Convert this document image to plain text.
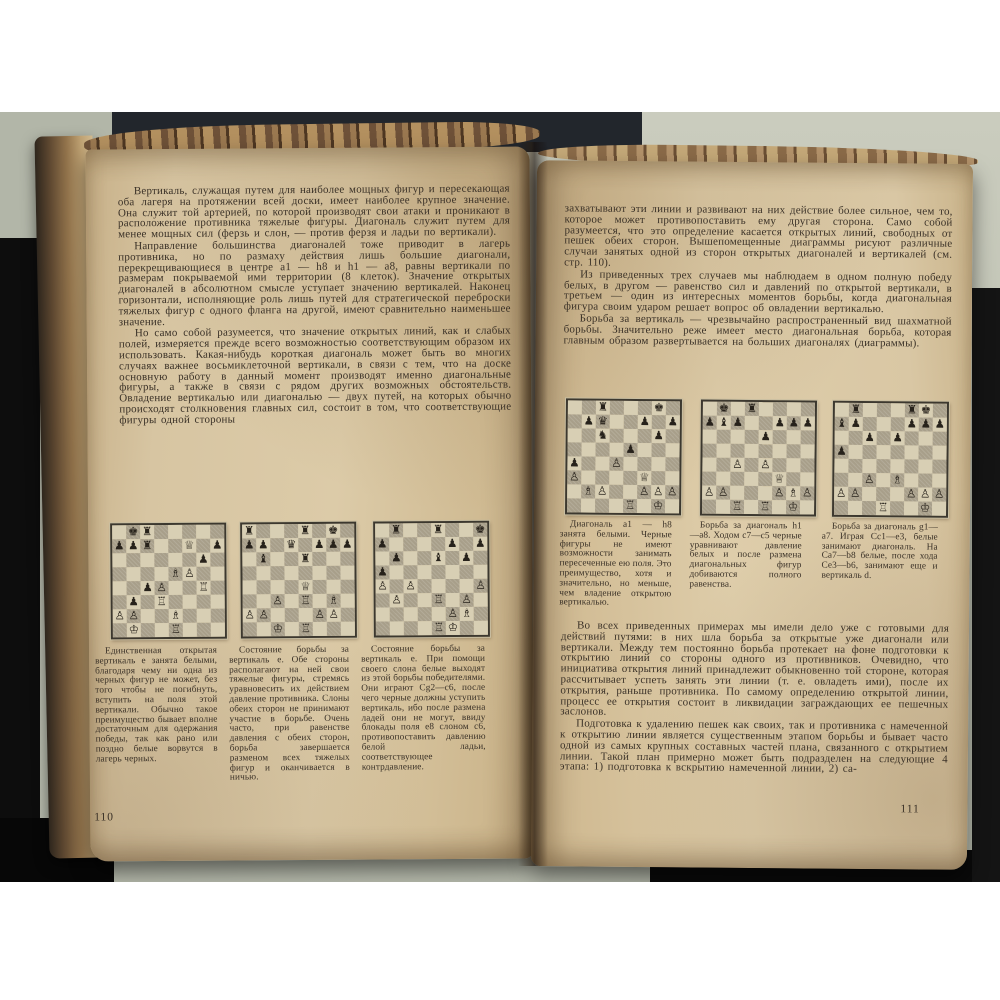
Вертикаль, служащая путем для наиболее мощных фигур и пересекающая оба лагеря на протяжении всей доски, имеет наиболее крупное значение. Она служит той артерией, по которой производят свои атаки и проникают в расположение противника тяжелые фигуры. Диагональ служит путем для менее мощных сил (ферзь и слон, — против ферзя и ладьи по вертикали).

Направление большинства диагоналей тоже приводит в лагерь противника, но по размаху действия лишь большие диагонали, перекрещивающиеся в центре a1 — h8 и h1 — a8, равны вертикали по размерам покрываемой ими территории (8 клеток). Значение открытых диагоналей в абсолютном смысле уступает значению вертикалей. Наконец горизонтали, исполняющие роль лишь путей для стратегической переброски тяжелых фигур с одного фланга на другой, имеют сравнительно наименьшее значение.

Но само собой разумеется, что значение открытых линий, как и слабых полей, измеряется прежде всего возможностью соответствующим образом их использовать. Какая-нибудь короткая диагональ может быть во многих случаях важнее восьмиклеточной вертикали, в связи с тем, что на доске основную работу в данный момент производят именно диагональные фигуры, а также в связи с рядом других возможных обстоятельств. Овладение вертикалью или диагональю — двух путей, на которых обычно происходят столкновения главных сил, состоит в том, что соответствующие фигуры одной стороны

♚ ♜
♟ ♟ ♜	♕ ♟
♟
♗ ♙
♟ ♙	♖
♟ ♖
♙ ♙	♗
♔	♖
♜	♜ ♚
♟ ♟ ♛ ♟ ♟ ♟
♝	♜
♕
♙ ♖ ♗
♙ ♙	♙ ♙
♔ ♖
♜	♜	♚
♟	♟ ♟
♟	♝ ♟
♟
♙ ♙	♙
♙	♖ ♙
♙ ♗
♖ ♔

Единственная открытая вертикаль e занята белыми, благодаря чему ни одна из черных фигур не может, без того чтобы не погибнуть, вступить на поля этой вертикали. Обычно такое преимущество бывает вполне достаточным для одержания победы, так как рано или поздно белые ворвутся в лагерь черных.

Состояние борьбы за вертикаль e. Обе стороны располагают на ней свои тяжелые фигуры, стремясь уравновесить их действием давление противника. Слоны обеих сторон не принимают участие в борьбе. Очень часто, при равенстве давления с обеих сторон, борьба завершается разменом всех тяжелых фигур и оканчивается в ничью.

Состояние борьбы за вертикаль e. При помощи своего слона белые выходят из этой борьбы победителями. Они играют Cg2—c6, после чего черные должны уступить вертикаль, ибо после размена ладей они не могут, ввиду блокады поля e8 слоном c6, противопоставить давлению белой ладьи, соответствующее контрдавление.

110

захватывают эти линии и развивают на них действие более сильное, чем то, которое может противопоставить ему другая сторона. Само собой разумеется, что это определение касается открытых линий, свободных от пешек обеих сторон. Вышепомещенные диаграммы рисуют различные случаи занятых одной из сторон открытых диагоналей и вертикалей (см. стр. 110).

Из приведенных трех случаев мы наблюдаем в одном полную победу белых, в другом — равенство сил и давлений по открытой вертикали, в третьем — один из интересных моментов борьбы, когда диагональная фигура своим ударом решает вопрос об овладении вертикалью.

Борьба за вертикаль — чрезвычайно распространенный вид шахматной борьбы. Значительно реже имеет место диагональная борьба, которая главным образом развертывается на больших диагоналях (диаграммы).

♜	♚
♟ ♛	♟ ♟
♞	♟
♟
♟	♙
♙	♕
♗ ♙	♙ ♙ ♙
♖ ♔
♚ ♜
♟ ♝ ♟	♟ ♟ ♟
♟
♙ ♙
♕
♙ ♙	♙ ♗ ♙
♖ ♖ ♔
♜	♜ ♚
♝ ♟	♟ ♟ ♟
♟ ♟
♟
♙ ♗
♙ ♙	♙ ♙ ♙
♖	♔

Диагональ a1 — h8 занята белыми. Черные фигуры не имеют возможности занимать пересеченные ею поля. Это преимущество, хотя и значительно, но меньше, чем владение открытою вертикалью.

Борьба за диагональ h1—a8. Ходом c7—c5 черные уравнивают давление белых и после размена диагональных фигур добиваются полного равенства.

Борьба за диагональ g1—a7. Играя Cc1—e3, белые занимают диагональ. На Ca7—b8 белые, после хода Ce3—b6, занимают еще и вертикаль d.

Во всех приведенных примерах мы имели дело уже с готовыми для действий путями: в них шла борьба за открытые уже диагонали или вертикали. Между тем постоянно борьба протекает на фоне подготовки к открытию линий со стороны одного из противников. Очевидно, что инициатива открытия линий принадлежит обыкновенно той стороне, которая рассчитывает успеть занять эти линии (т. е. овладеть ими), после их открытия, раньше противника. По самому определению открытой линии, процесс ее открытия состоит в ликвидации заграждающих ее пешечных заслонов.

Подготовка к удалению пешек как своих, так и противника с намеченной к открытию линии является существенным этапом борьбы и бывает часто одной из самых крупных составных частей плана, связанного с открытием линии. Такой план примерно может быть подразделен на следующие 4 этапа: 1) подготовка к вскрытию намеченной линии, 2) са-

111
